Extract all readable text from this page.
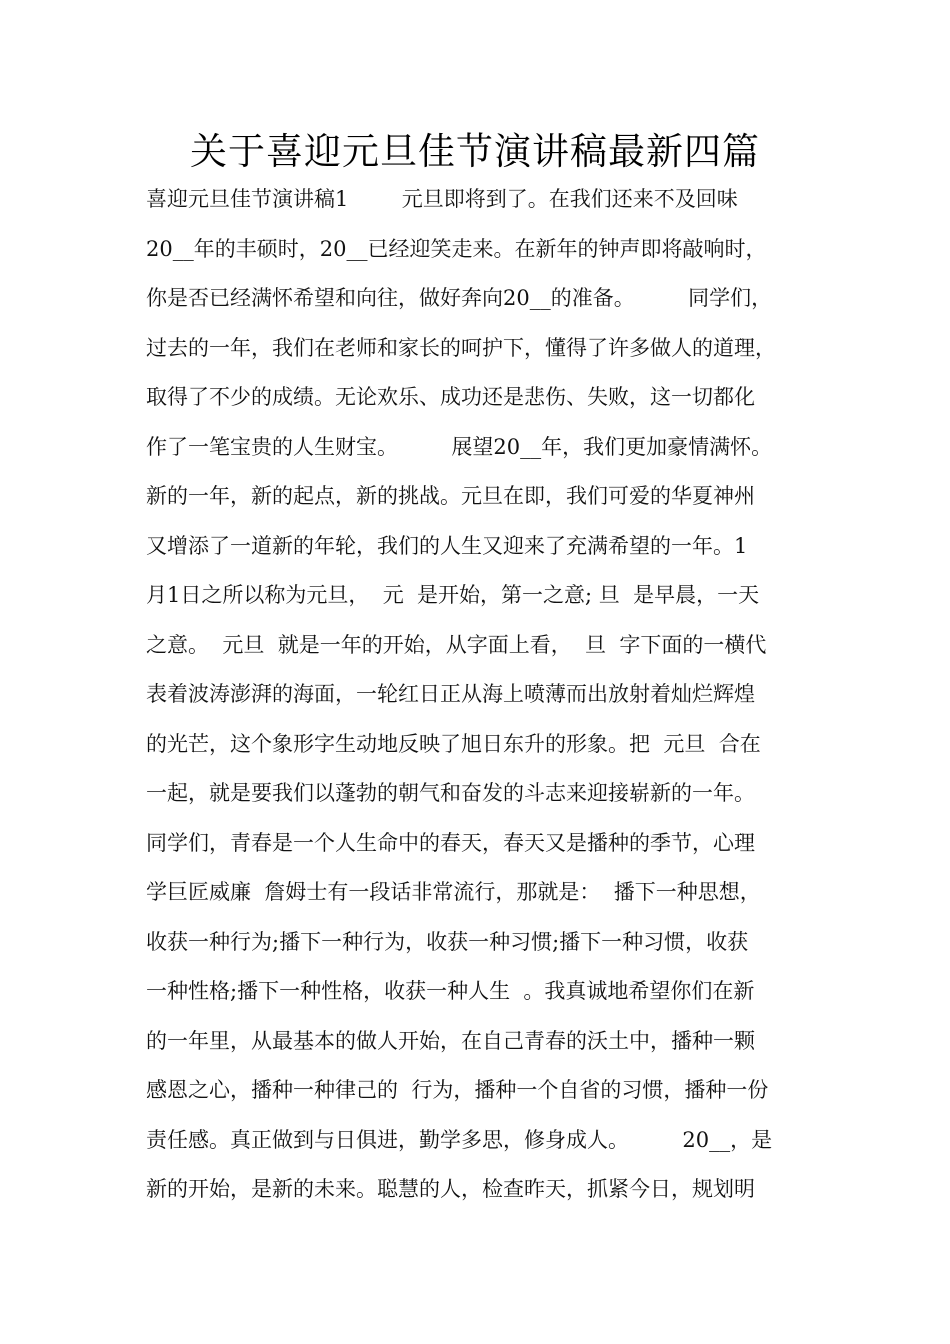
关于喜迎元旦佳节演讲稿最新四篇
喜迎元旦佳节演讲稿1        元旦即将到了。在我们还来不及回味
20__年的丰硕时，20__已经迎笑走来。在新年的钟声即将敲响时，
你是否已经满怀希望和向往，做好奔向20__的准备。        同学们，
过去的一年，我们在老师和家长的呵护下，懂得了许多做人的道理，
取得了不少的成绩。无论欢乐、成功还是悲伤、失败，这一切都化
作了一笔宝贵的人生财宝。        展望20__年，我们更加豪情满怀。
新的一年，新的起点，新的挑战。元旦在即，我们可爱的华夏神州
又增添了一道新的年轮，我们的人生又迎来了充满希望的一年。1
月1日之所以称为元旦，  元  是开始，第一之意; 旦  是早晨，一天
之意。  元旦  就是一年的开始，从字面上看，  旦  字下面的一横代
表着波涛澎湃的海面，一轮红日正从海上喷薄而出放射着灿烂辉煌
的光芒，这个象形字生动地反映了旭日东升的形象。把  元旦  合在
一起，就是要我们以蓬勃的朝气和奋发的斗志来迎接崭新的一年。
同学们，青春是一个人生命中的春天，春天又是播种的季节，心理
学巨匠威廉  詹姆士有一段话非常流行，那就是：  播下一种思想，
收获一种行为;播下一种行为，收获一种习惯;播下一种习惯，收获
一种性格;播下一种性格，收获一种人生  。我真诚地希望你们在新
的一年里，从最基本的做人开始，在自己青春的沃土中，播种一颗
感恩之心，播种一种律己的  行为，播种一个自省的习惯，播种一份
责任感。真正做到与日俱进，勤学多思，修身成人。        20__，是
新的开始，是新的未来。聪慧的人，检查昨天，抓紧今日，规划明
